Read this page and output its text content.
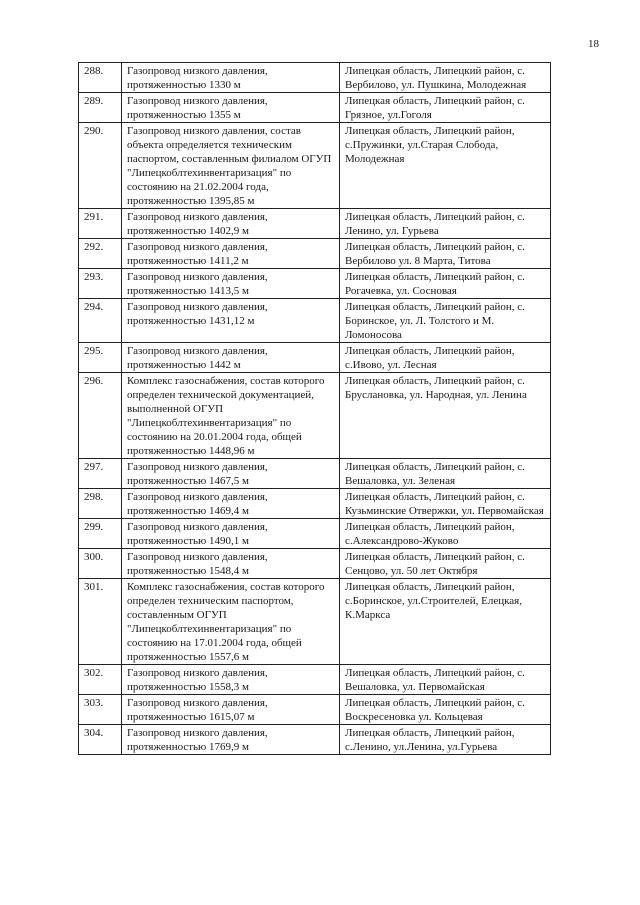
18
288.	Газопровод низкого давления, протяженностью 1330 м	Липецкая область, Липецкий район, с. Вербилово, ул. Пушкина, Молодежная
289.	Газопровод низкого давления, протяженностью 1355 м	Липецкая область, Липецкий район, с. Грязное, ул.Гоголя
290.	Газопровод низкого давления, состав объекта определяется техническим паспортом, составленным филиалом ОГУП "Липецкоблтехинвентаризация" по состоянию на 21.02.2004 года, протяженностью 1395,85 м	Липецкая область, Липецкий район, с.Пружинки, ул.Старая Слобода, Молодежная
291.	Газопровод низкого давления, протяженностью 1402,9 м	Липецкая область, Липецкий район, с. Ленино, ул. Гурьева
292.	Газопровод низкого давления, протяженностью 1411,2 м	Липецкая область, Липецкий район, с. Вербилово ул. 8 Марта, Титова
293.	Газопровод низкого давления, протяженностью 1413,5 м	Липецкая область, Липецкий район, с. Рогачевка, ул. Сосновая
294.	Газопровод низкого давления, протяженностью 1431,12 м	Липецкая область, Липецкий район, с. Боринское, ул. Л. Толстого и М. Ломоносова
295.	Газопровод низкого давления, протяженностью 1442 м	Липецкая область, Липецкий район, с.Ивово, ул. Лесная
296.	Комплекс газоснабжения, состав которого определен технической документацией, выполненной ОГУП "Липецкоблтехинвентаризация" по состоянию на 20.01.2004 года, общей протяженностью 1448,96 м	Липецкая область, Липецкий район, с. Бруслановка, ул. Народная, ул. Ленина
297.	Газопровод низкого давления, протяженностью 1467,5 м	Липецкая область, Липецкий район, с. Вешаловка, ул. Зеленая
298.	Газопровод низкого давления, протяженностью 1469,4 м	Липецкая область, Липецкий район, с. Кузьминские Отвержки, ул. Первомайская
299.	Газопровод низкого давления, протяженностью 1490,1 м	Липецкая область, Липецкий район, с.Александрово-Жуково
300.	Газопровод низкого давления, протяженностью 1548,4 м	Липецкая область, Липецкий район, с. Сенцово, ул. 50 лет Октября
301.	Комплекс газоснабжения, состав которого определен техническим паспортом, составленным ОГУП "Липецкоблтехинвентаризация" по состоянию на 17.01.2004 года, общей протяженностью 1557,6 м	Липецкая область, Липецкий район, с.Боринское, ул.Строителей, Елецкая, К.Маркса
302.	Газопровод низкого давления, протяженностью 1558,3 м	Липецкая область, Липецкий район, с. Вешаловка, ул. Первомайская
303.	Газопровод низкого давления, протяженностью 1615,07 м	Липецкая область, Липецкий район, с. Воскресеновка ул. Кольцевая
304.	Газопровод низкого давления, протяженностью 1769,9 м	Липецкая область, Липецкий район, с.Ленино, ул.Ленина, ул.Гурьева
